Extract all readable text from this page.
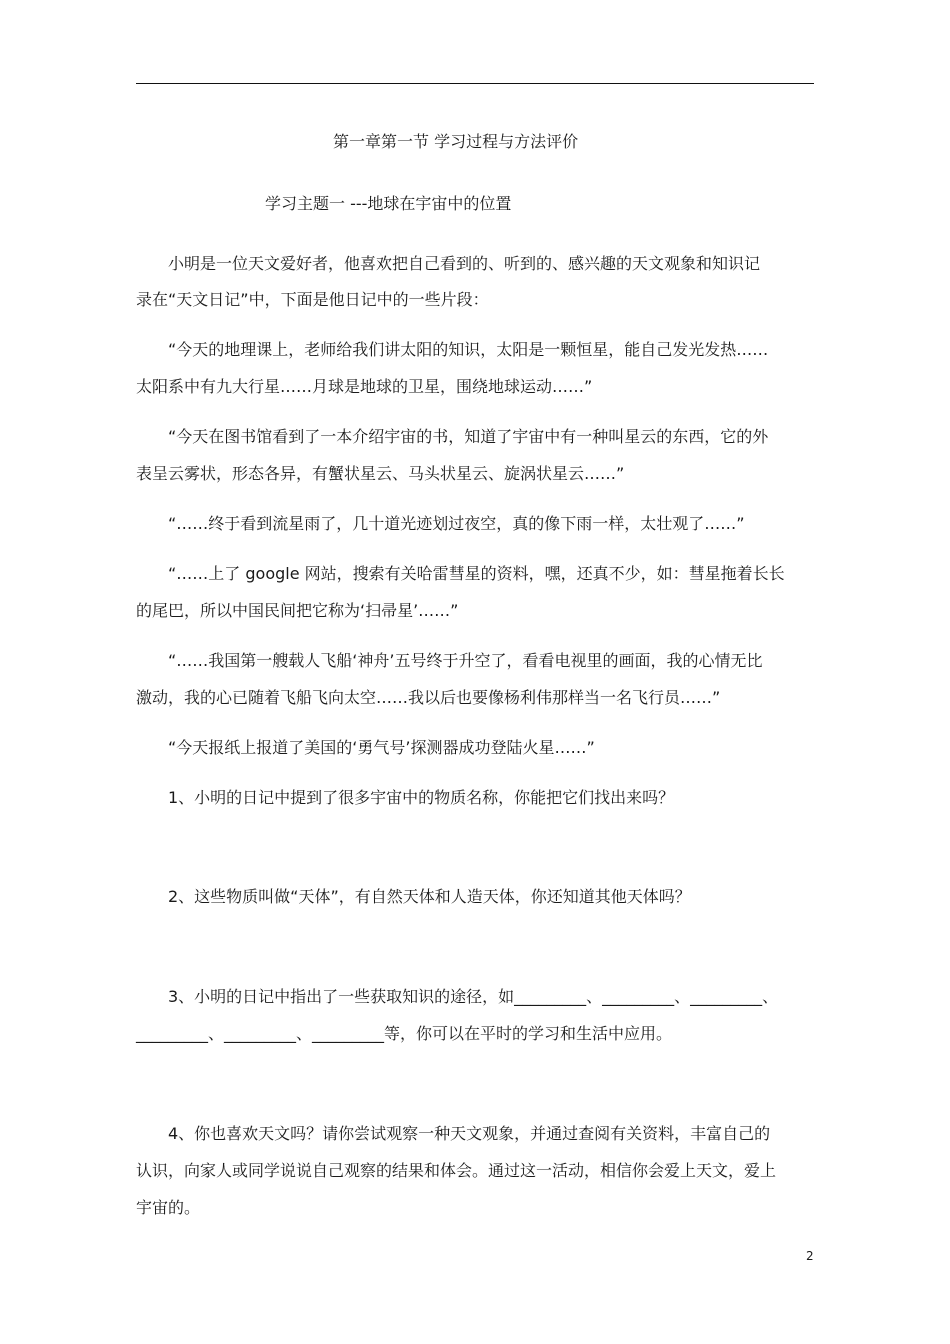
第一章第一节 学习过程与方法评价
学习主题一 ---地球在宇宙中的位置
小明是一位天文爱好者，他喜欢把自己看到的、听到的、感兴趣的天文观象和知识记
录在“天文日记”中，下面是他日记中的一些片段：
“今天的地理课上，老师给我们讲太阳的知识，太阳是一颗恒星，能自己发光发热……
太阳系中有九大行星……月球是地球的卫星，围绕地球运动……”
“今天在图书馆看到了一本介绍宇宙的书，知道了宇宙中有一种叫星云的东西，它的外
表呈云雾状，形态各异，有蟹状星云、马头状星云、旋涡状星云……”
“……终于看到流星雨了，几十道光迹划过夜空，真的像下雨一样，太壮观了……”
“……上了 google 网站，搜索有关哈雷彗星的资料，嘿，还真不少，如：彗星拖着长长
的尾巴，所以中国民间把它称为‘扫帚星’……”
“……我国第一艘载人飞船‘神舟’五号终于升空了，看看电视里的画面，我的心情无比
激动，我的心已随着飞船飞向太空……我以后也要像杨利伟那样当一名飞行员……”
“今天报纸上报道了美国的‘勇气号’探测器成功登陆火星……”
1、小明的日记中提到了很多宇宙中的物质名称，你能把它们找出来吗？
2、这些物质叫做“天体”，有自然天体和人造天体，你还知道其他天体吗？
3、小明的日记中指出了一些获取知识的途径，如_________、_________、_________、
_________、_________、_________等，你可以在平时的学习和生活中应用。
4、你也喜欢天文吗？请你尝试观察一种天文观象，并通过查阅有关资料，丰富自己的
认识，向家人或同学说说自己观察的结果和体会。通过这一活动，相信你会爱上天文，爱上
宇宙的。
2
